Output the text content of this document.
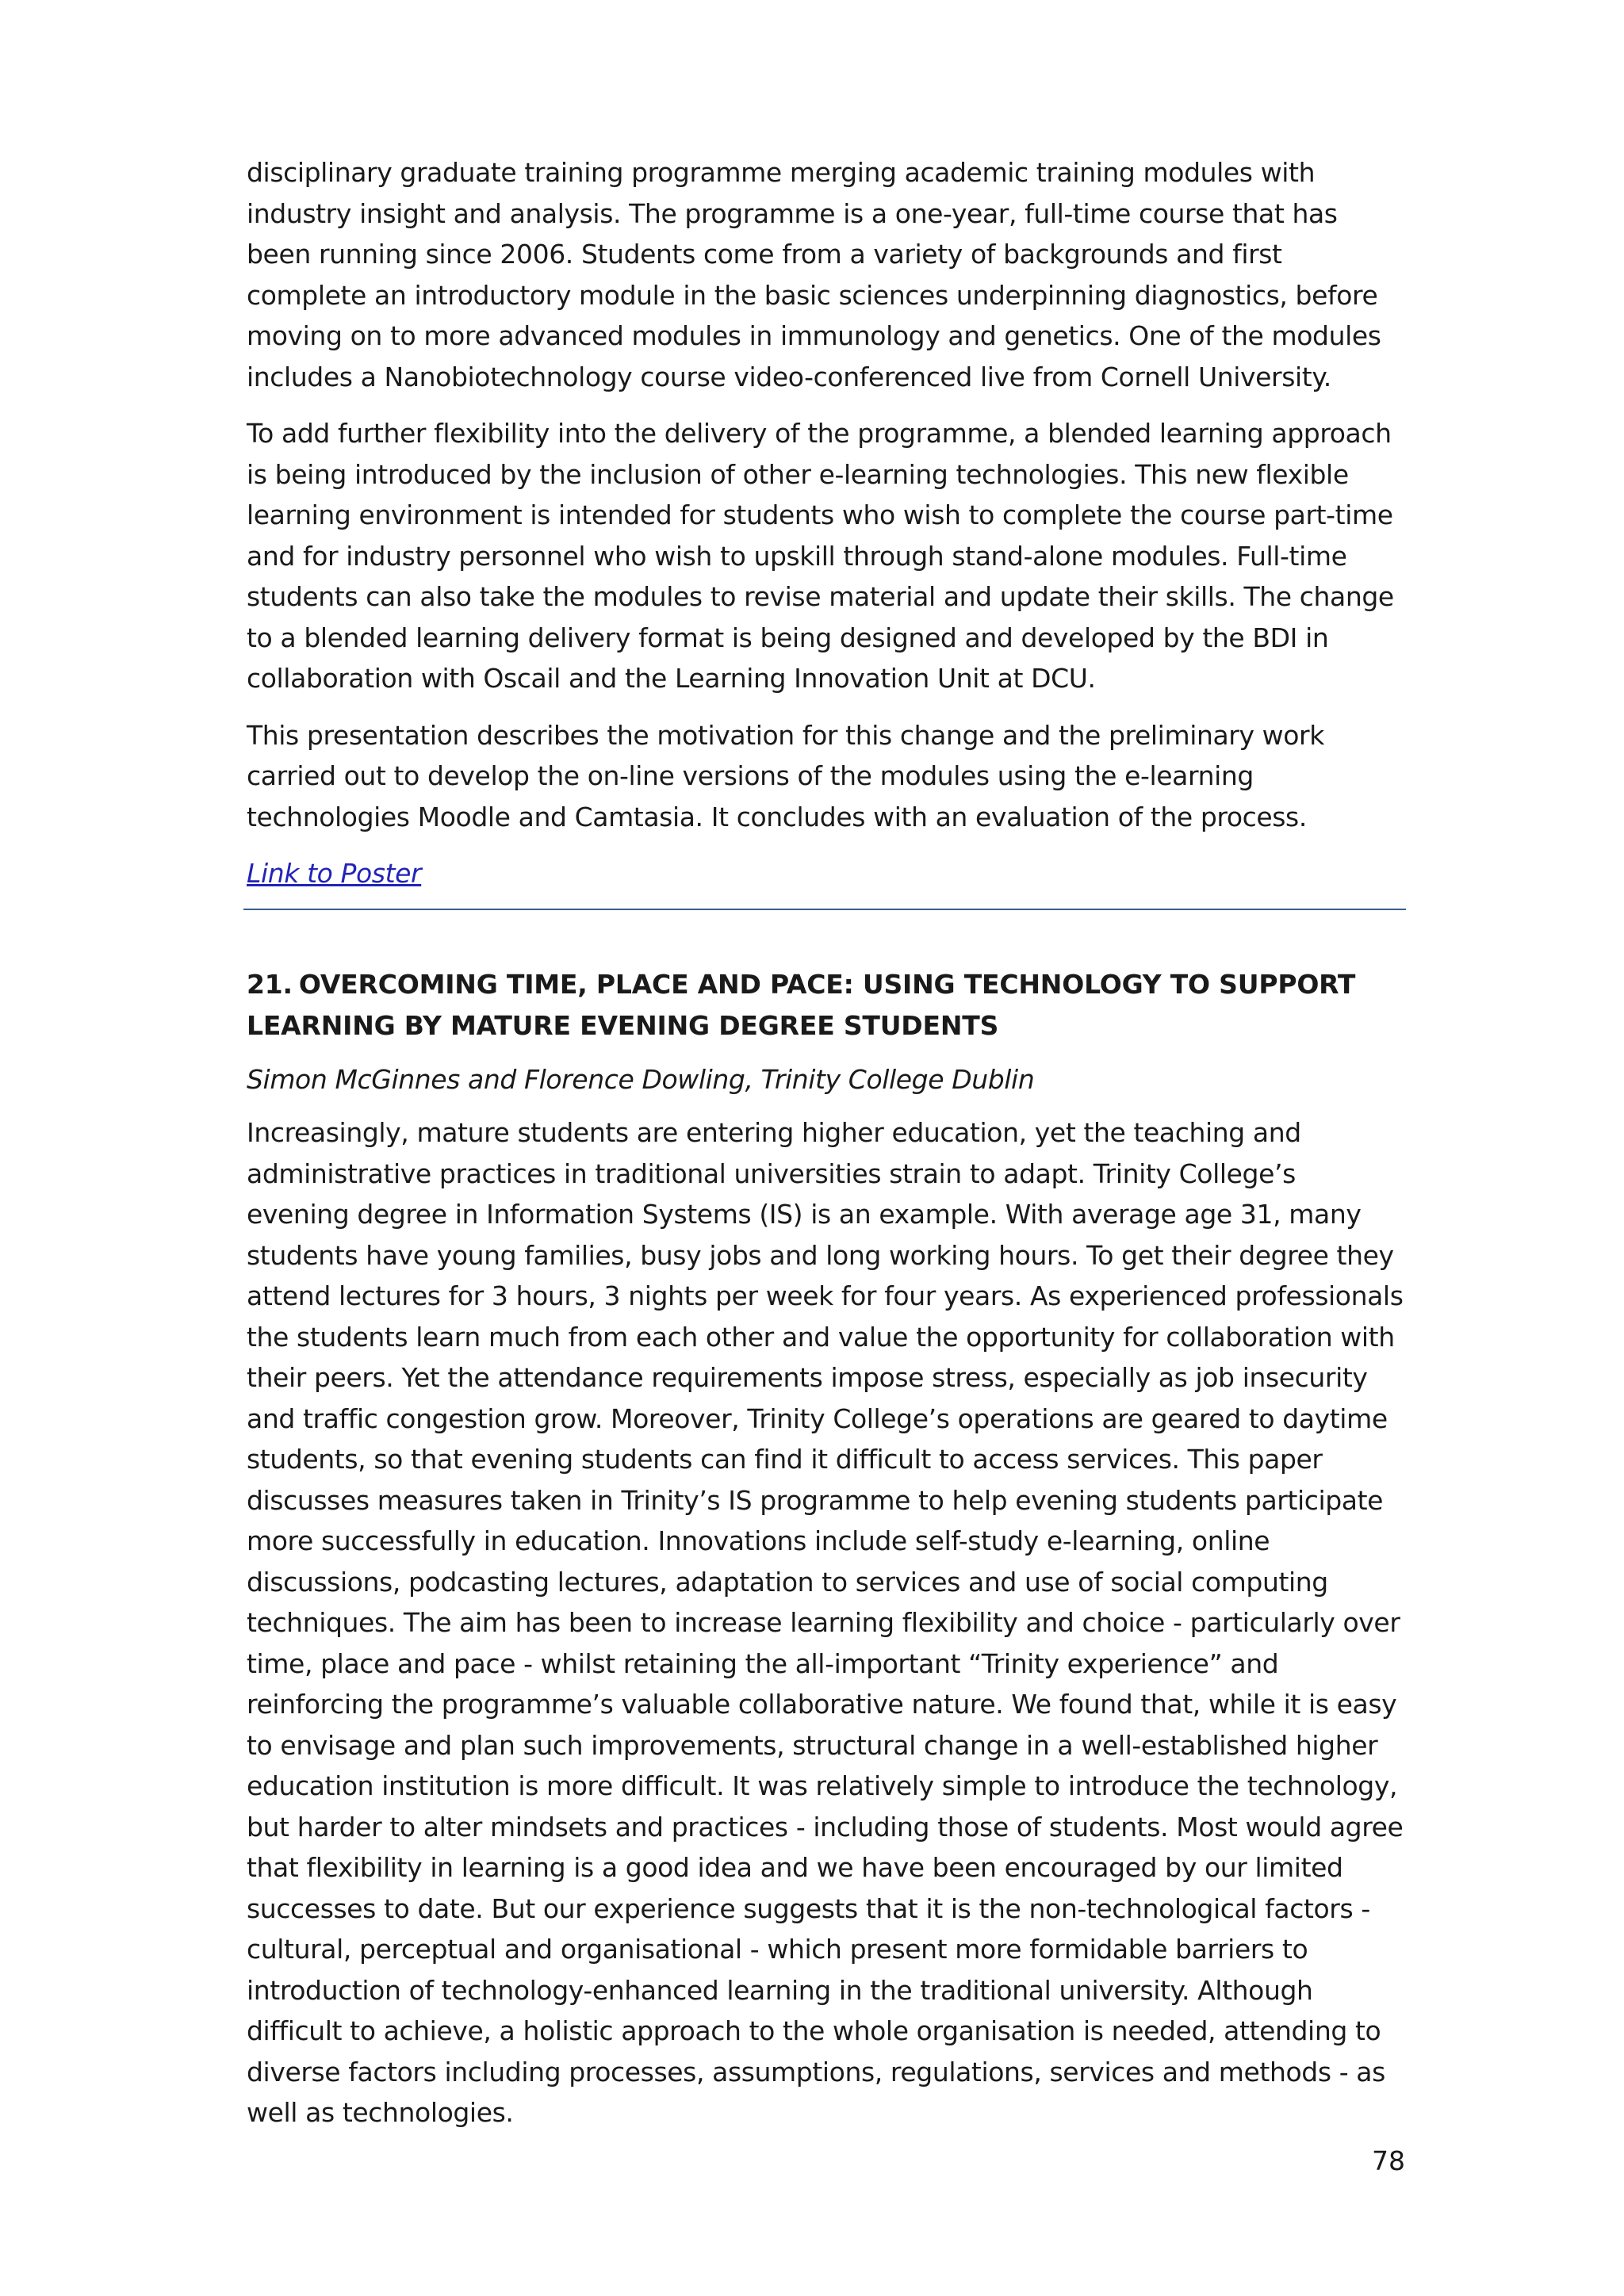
disciplinary graduate training programme merging academic training modules with industry insight and analysis. The programme is a one-year, full-time course that has been running since 2006. Students come from a variety of backgrounds and first complete an introductory module in the basic sciences underpinning diagnostics, before moving on to more advanced modules in immunology and genetics. One of the modules includes a Nanobiotechnology course video-conferenced live from Cornell University.

To add further flexibility into the delivery of the programme, a blended learning approach is being introduced by the inclusion of other e-learning technologies. This new flexible learning environment is intended for students who wish to complete the course part-time and for industry personnel who wish to upskill through stand-alone modules. Full-time students can also take the modules to revise material and update their skills. The change to a blended learning delivery format is being designed and developed by the BDI in collaboration with Oscail and the Learning Innovation Unit at DCU.

This presentation describes the motivation for this change and the preliminary work carried out to develop the on-line versions of the modules using the e-learning technologies Moodle and Camtasia. It concludes with an evaluation of the process.

Link to Poster
21. OVERCOMING TIME, PLACE AND PACE: USING TECHNOLOGY TO SUPPORT LEARNING BY MATURE EVENING DEGREE STUDENTS

Simon McGinnes and Florence Dowling, Trinity College Dublin

Increasingly, mature students are entering higher education, yet the teaching and administrative practices in traditional universities strain to adapt. Trinity College’s evening degree in Information Systems (IS) is an example. With average age 31, many students have young families, busy jobs and long working hours. To get their degree they attend lectures for 3 hours, 3 nights per week for four years. As experienced professionals the students learn much from each other and value the opportunity for collaboration with their peers. Yet the attendance requirements impose stress, especially as job insecurity and traffic congestion grow. Moreover, Trinity College’s operations are geared to daytime students, so that evening students can find it difficult to access services. This paper discusses measures taken in Trinity’s IS programme to help evening students participate more successfully in education. Innovations include self-study e-learning, online discussions, podcasting lectures, adaptation to services and use of social computing techniques. The aim has been to increase learning flexibility and choice - particularly over time, place and pace - whilst retaining the all-important “Trinity experience” and reinforcing the programme’s valuable collaborative nature. We found that, while it is easy to envisage and plan such improvements, structural change in a well-established higher education institution is more difficult. It was relatively simple to introduce the technology, but harder to alter mindsets and practices - including those of students. Most would agree that flexibility in learning is a good idea and we have been encouraged by our limited successes to date. But our experience suggests that it is the non-technological factors - cultural, perceptual and organisational - which present more formidable barriers to introduction of technology-enhanced learning in the traditional university. Although difficult to achieve, a holistic approach to the whole organisation is needed, attending to diverse factors including processes, assumptions, regulations, services and methods - as well as technologies.

78
